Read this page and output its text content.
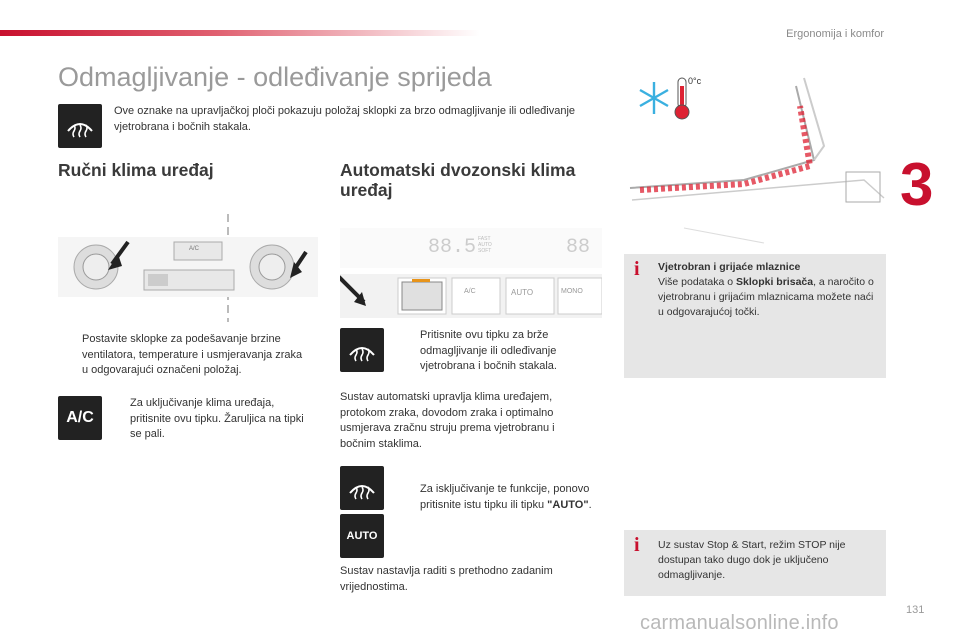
Ergonomija i komfor
3
Odmagljivanje - odleđivanje sprijeda
Ove oznake na upravljačkoj ploči pokazuju položaj sklopki za brzo odmagljivanje ili odleđivanje vjetrobrana i bočnih stakala.
Ručni klima uređaj
A/C
Postavite sklopke za podešavanje brzine ventilatora, temperature i usmjeravanja zraka u odgovarajući označeni položaj.
A/C
Za uključivanje klima uređaja, pritisnite ovu tipku. Žaruljica na tipki se pali.
Automatski dvozonski klima uređaj
88.5 FAST AUTO SOFT	88
A/C	AUTO	MONO
Pritisnite ovu tipku za brže odmagljivanje ili odleđivanje vjetrobrana i bočnih stakala.
Sustav automatski upravlja klima uređajem, protokom zraka, dovodom zraka i optimalno usmjerava zračnu struju prema vjetrobranu i bočnim staklima.
AUTO
Za isključivanje te funkcije, ponovo pritisnite istu tipku ili tipku "AUTO".
Sustav nastavlja raditi s prethodno zadanim vrijednostima.
0°c
i Vjetrobran i grijaće mlaznice
Više podataka o Sklopki brisača, a naročito o vjetrobranu i grijaćim mlaznicama možete naći u odgovarajućoj točki.
i Uz sustav Stop & Start, režim STOP nije dostupan tako dugo dok je uključeno odmagljivanje.
carmanualsonline.info
131
